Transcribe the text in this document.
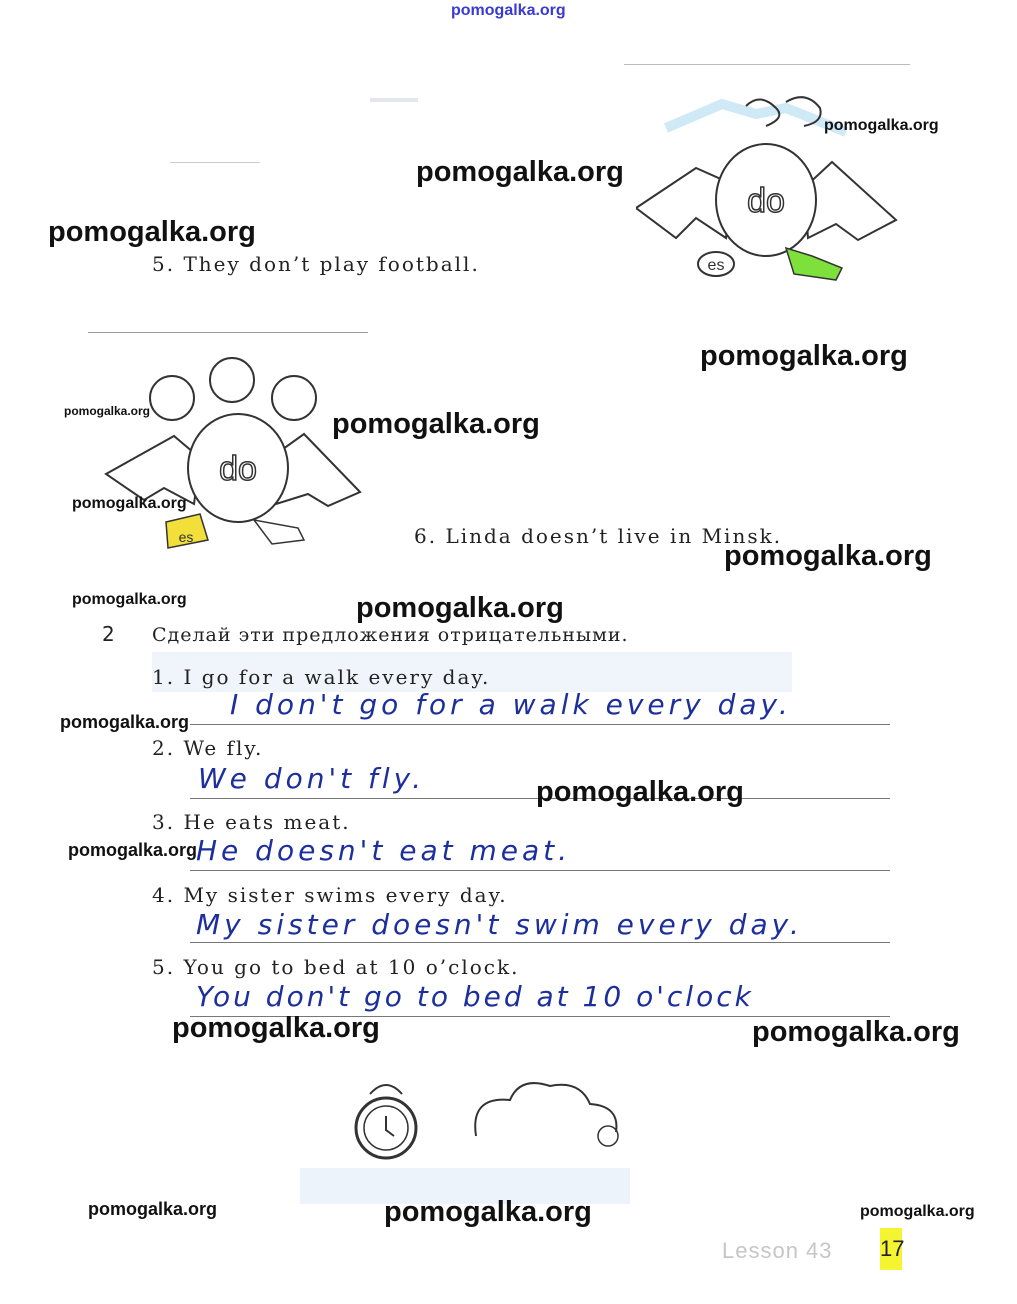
pomogalka.org
do
es
5. They don’t play football.
do
es	6. Linda doesn’t live in Minsk.
2 Сделай эти предложения отрицательными.
1. I go for a walk every day.
I don't go for a walk every day.
2. We fly.
We don't fly.
3. He eats meat.
He doesn't eat meat.
4. My sister swims every day.
My sister doesn't swim every day.
5. You go to bed at 10 o’clock.
You don't go to bed at 10 o'clock
Lesson 43 17
pomogalka.org
pomogalka.org
pomogalka.org
pomogalka.org
pomogalka.org	pomogalka.org
pomogalka.org
pomogalka.org
pomogalka.org	pomogalka.org
pomogalka.org
pomogalka.org
pomogalka.org
pomogalka.org	pomogalka.org
pomogalka.org	pomogalka.org	pomogalka.org
